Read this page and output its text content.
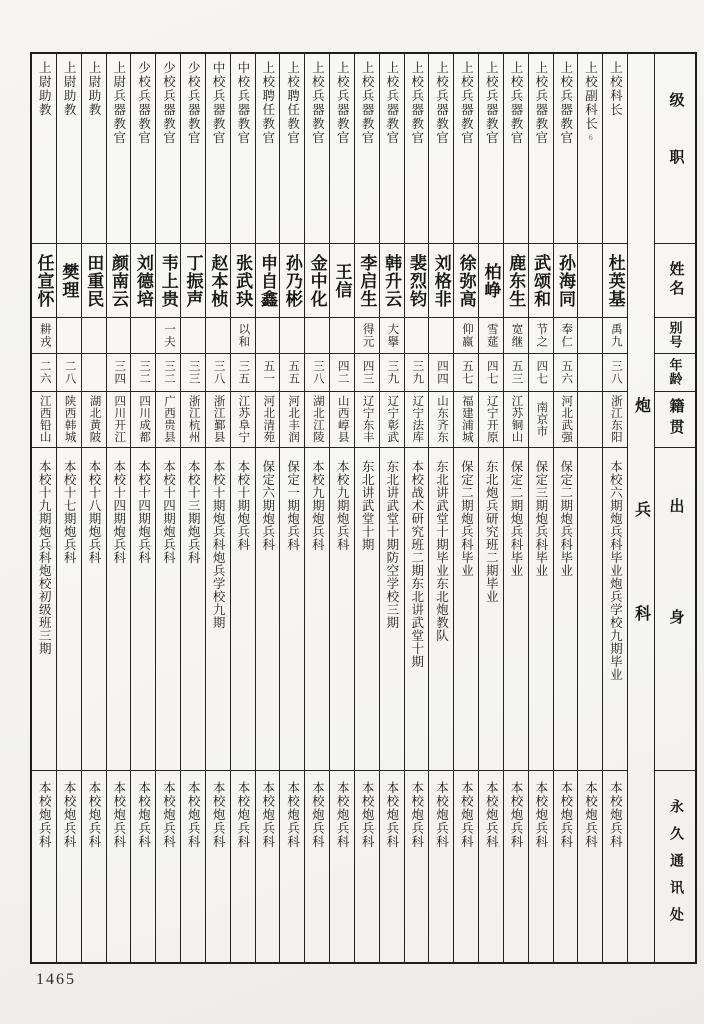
级职
姓名
别号
年龄
籍贯
出身
永久通讯处
炮兵科
上校科长
杜英基
禹九
三八
浙江东阳
本校六期炮兵科毕业炮兵学校九期毕业
本校炮兵科
上校副科长
6
本校炮兵科
上校兵器教官
孙海同
奉仁
五六
河北武强
保定二期炮兵科毕业
本校炮兵科
上校兵器教官
武颂和
节之
四七
南京市
保定三期炮兵科毕业
本校炮兵科
上校兵器教官
鹿东生
宽继
五三
江苏铜山
保定二期炮兵科毕业
本校炮兵科
上校兵器教官
柏峥
雪莚
四七
辽宁开原
东北炮兵研究班二期毕业
本校炮兵科
上校兵器教官
徐弥高
仰嬴
五七
福建浦城
保定二期炮兵科毕业
本校炮兵科
上校兵器教官
刘格非
四四
山东齐东
东北讲武堂十期毕业东北炮教队
本校炮兵科
上校兵器教官
裴烈钧
三九
辽宁法库
本校战术研究班二期东北讲武堂十期
本校炮兵科
上校兵器教官
韩升云
大擧
三九
辽宁彰武
东北讲武堂十期防空学校三期
本校炮兵科
上校兵器教官
李启生
得元
四三
辽宁东丰
东北讲武堂十期
本校炮兵科
上校兵器教官
王信
四二
山西崞县
本校九期炮兵科
本校炮兵科
上校兵器教官
金中化
三八
湖北江陵
本校九期炮兵科
本校炮兵科
上校聘任教官
孙乃彬
五五
河北丰润
保定一期炮兵科
本校炮兵科
上校聘任教官
申自鑫
五一
河北清苑
保定六期炮兵科
本校炮兵科
中校兵器教官
张武玦
以和
三五
江苏阜宁
本校十期炮兵科
本校炮兵科
中校兵器教官
赵本桢
三八
浙江鄞县
本校十期炮兵科炮兵学校九期
本校炮兵科
少校兵器教官
丁振声
三三
浙江杭州
本校十三期炮兵科
本校炮兵科
少校兵器教官
韦上贵
一夫
三二
广西贵县
本校十四期炮兵科
本校炮兵科
少校兵器教官
刘德培
三二
四川成都
本校十四期炮兵科
本校炮兵科
上尉兵器教官
颜南云
三四
四川开江
本校十四期炮兵科
本校炮兵科
上尉助教
田重民
湖北黄陂
本校十八期炮兵科
本校炮兵科
上尉助教
樊理
二八
陕西韩城
本校十七期炮兵科
本校炮兵科
上尉助教
任宣怀
耕戎
二六
江西铅山
本校十九期炮兵科炮校初级班三期
本校炮兵科
1465
